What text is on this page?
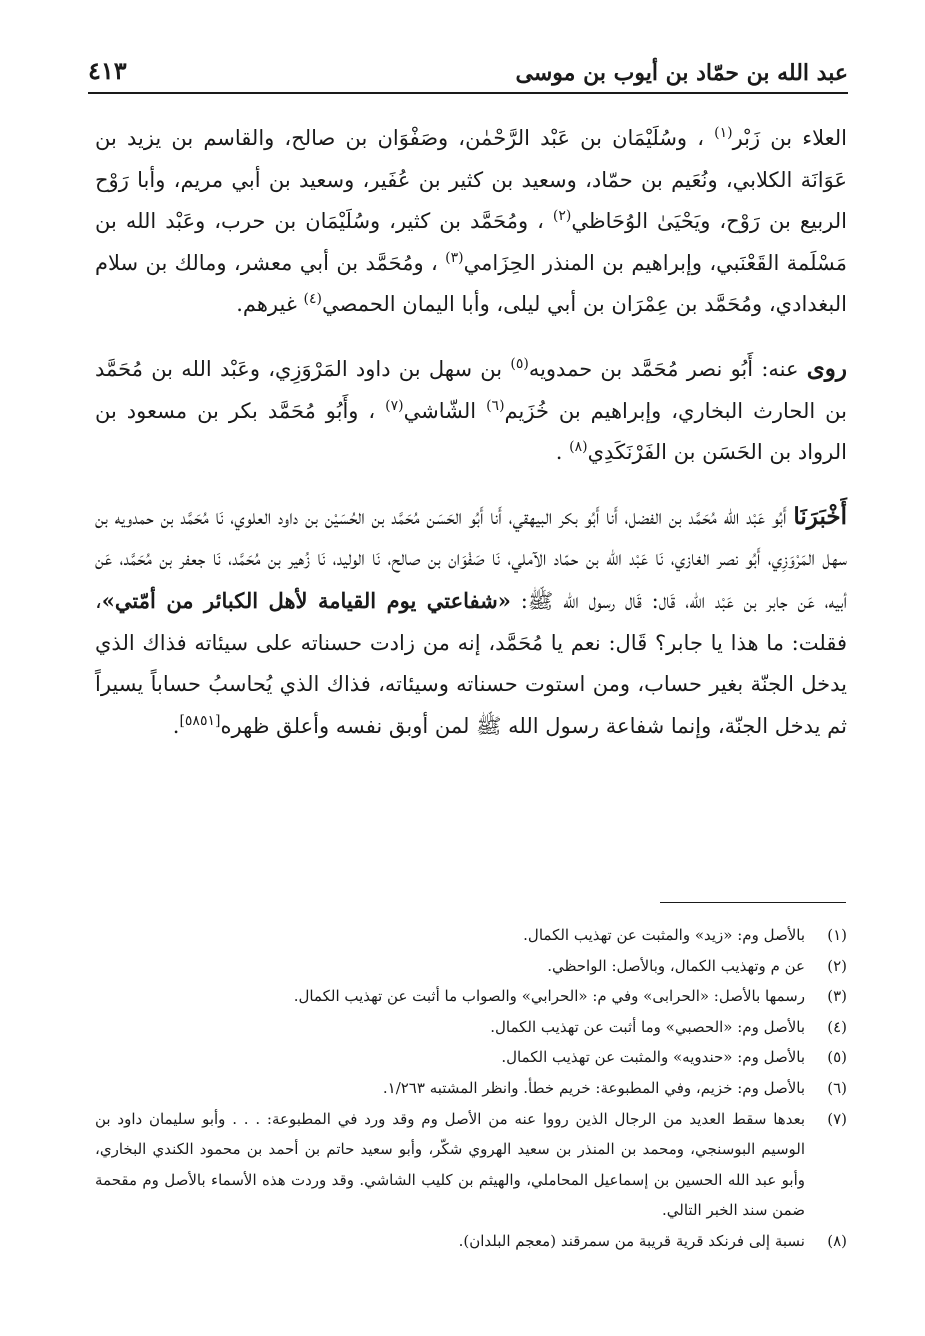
عبد الله بن حمّاد بن أيوب بن موسى
٤١٣

العلاء بن زَبْر$^{(١)}$ ، وسُلَيْمَان بن عَبْد الرَّحْمٰن، وصَفْوَان بن صالح، والقاسم بن يزيد بن عَوَانَة الكلابي، ونُعَيم بن حمّاد، وسعيد بن كثير بن عُفَير، وسعيد بن أبي مريم، وأبا رَوْح الربيع بن رَوْح، ويَحْيَىٰ الوُحَاظي$^{(٢)}$ ، ومُحَمَّد بن كثير، وسُلَيْمَان بن حرب، وعَبْد الله بن مَسْلَمة القَعْنَبي، وإبراهيم بن المنذر الحِزَامي$^{(٣)}$ ، ومُحَمَّد بن أبي معشر، ومالك بن سلام البغدادي، ومُحَمَّد بن عِمْرَان بن أبي ليلى، وأبا اليمان الحمصي$^{(٤)}$ غيرهم.

روى عنه: أَبُو نصر مُحَمَّد بن حمدويه$^{(٥)}$ بن سهل بن داود المَرْوَزِي، وعَبْد الله بن مُحَمَّد بن الحارث البخاري، وإبراهيم بن خُزَيم$^{(٦)}$ الشّاشي$^{(٧)}$ ، وأَبُو مُحَمَّد بكر بن مسعود بن الرواد بن الحَسَن بن الفَرْنَكَدِي$^{(٨)}$ .

أَخْبَرَنَا أَبُو عَبْد الله مُحَمَّد بن الفضل، أَنا أَبُو بكر البيهقي، أَنا أَبُو الحَسَن مُحَمَّد بن الحُسَيْن بن داود العلوي، نَا مُحَمَّد بن حمدويه بن سهل المَرْوَزِي، أَبُو نصر الغازي، نَا عَبْد الله بن حمّاد الآملي، نَا صَفْوَان بن صالح، نَا الوليد، نَا زُهير بن مُحَمَّد، نَا جعفر بن مُحَمَّد، عَن أبيه، عَن جابر بن عَبْد الله، قَال: قَال رسول الله ﷺ: «شفاعتي يوم القيامة لأهل الكبائر من أمّتي»، فقلت: ما هذا يا جابر؟ قَال: نعم يا مُحَمَّد، إنه من زادت حسناته على سيئاته فذاك الذي يدخل الجنّة بغير حساب، ومن استوت حسناته وسيئاته، فذاك الذي يُحاسبُ حساباً يسيراً ثم يدخل الجنّة، وإنما شفاعة رسول الله ﷺ لمن أوبق نفسه وأعلق ظهره[٥٨٥١].

(١)
بالأصل وم: «زيد» والمثبت عن تهذيب الكمال.
(٢)
عن م وتهذيب الكمال، وبالأصل: الواحظي.
(٣)
رسمها بالأصل: «الحرابى» وفي م: «الحرابي» والصواب ما أثبت عن تهذيب الكمال.
(٤)
بالأصل وم: «الحصبي» وما أثبت عن تهذيب الكمال.
(٥)
بالأصل وم: «حندويه» والمثبت عن تهذيب الكمال.
(٦)
بالأصل وم: خزيم، وفي المطبوعة: خريم خطأ. وانظر المشتبه ١/٢٦٣.
(٧)
بعدها سقط العديد من الرجال الذين رووا عنه من الأصل وم وقد ورد في المطبوعة: . . . وأبو سليمان داود بن الوسيم البوسنجي، ومحمد بن المنذر بن سعيد الهروي شكّر، وأبو سعيد حاتم بن أحمد بن محمود الكندي البخاري، وأبو عبد الله الحسين بن إسماعيل المحاملي، والهيثم بن كليب الشاشي. وقد وردت هذه الأسماء بالأصل وم مقحمة ضمن سند الخبر التالي.
(٨)
نسبة إلى فرنكد قرية قريبة من سمرقند (معجم البلدان).
